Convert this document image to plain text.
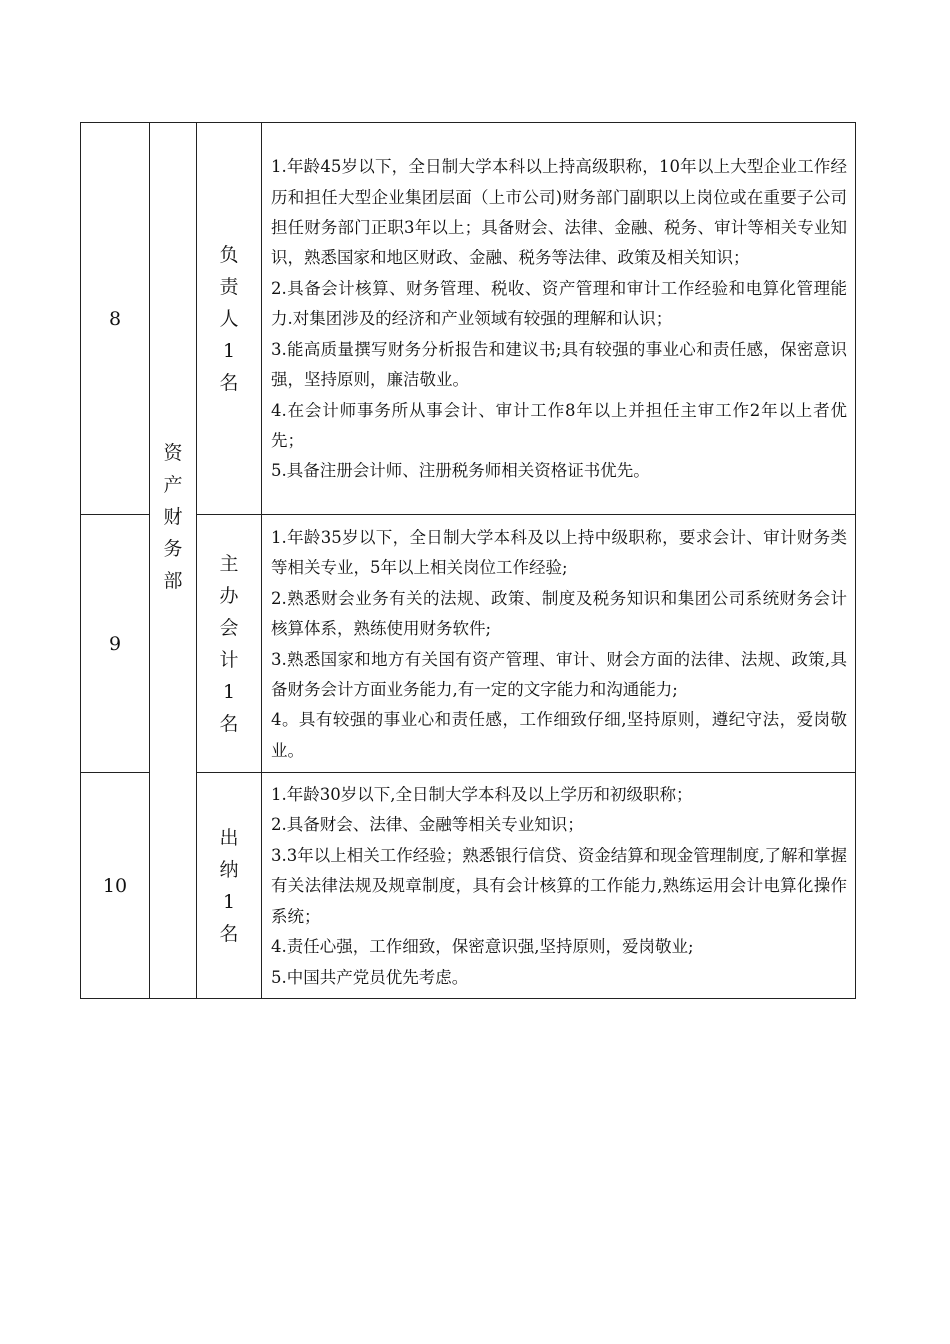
8	资产财务部	负责人1名	1.年龄45岁以下，全日制大学本科以上持高级职称，10年以上大型企业工作经历和担任大型企业集团层面（上市公司)财务部门副职以上岗位或在重要子公司担任财务部门正职3年以上；具备财会、法律、金融、税务、审计等相关专业知识，熟悉国家和地区财政、金融、税务等法律、政策及相关知识；
2.具备会计核算、财务管理、税收、资产管理和审计工作经验和电算化管理能力.对集团涉及的经济和产业领域有较强的理解和认识；
3.能高质量撰写财务分析报告和建议书;具有较强的事业心和责任感，保密意识强，坚持原则，廉洁敬业。
4.在会计师事务所从事会计、审计工作8年以上并担任主审工作2年以上者优先；
5.具备注册会计师、注册税务师相关资格证书优先。

9		主办会计1名	1.年龄35岁以下，全日制大学本科及以上持中级职称，要求会计、审计财务类等相关专业，5年以上相关岗位工作经验;
2.熟悉财会业务有关的法规、政策、制度及税务知识和集团公司系统财务会计核算体系，熟练使用财务软件;
3.熟悉国家和地方有关国有资产管理、审计、财会方面的法律、法规、政策,具备财务会计方面业务能力,有一定的文字能力和沟通能力;
4。具有较强的事业心和责任感，工作细致仔细,坚持原则，遵纪守法，爱岗敬业。

10		出纳1名	1.年龄30岁以下,全日制大学本科及以上学历和初级职称；
2.具备财会、法律、金融等相关专业知识；
3.3年以上相关工作经验；熟悉银行信贷、资金结算和现金管理制度,了解和掌握有关法律法规及规章制度，具有会计核算的工作能力,熟练运用会计电算化操作系统；
4.责任心强，工作细致，保密意识强,坚持原则，爱岗敬业;
5.中国共产党员优先考虑。
